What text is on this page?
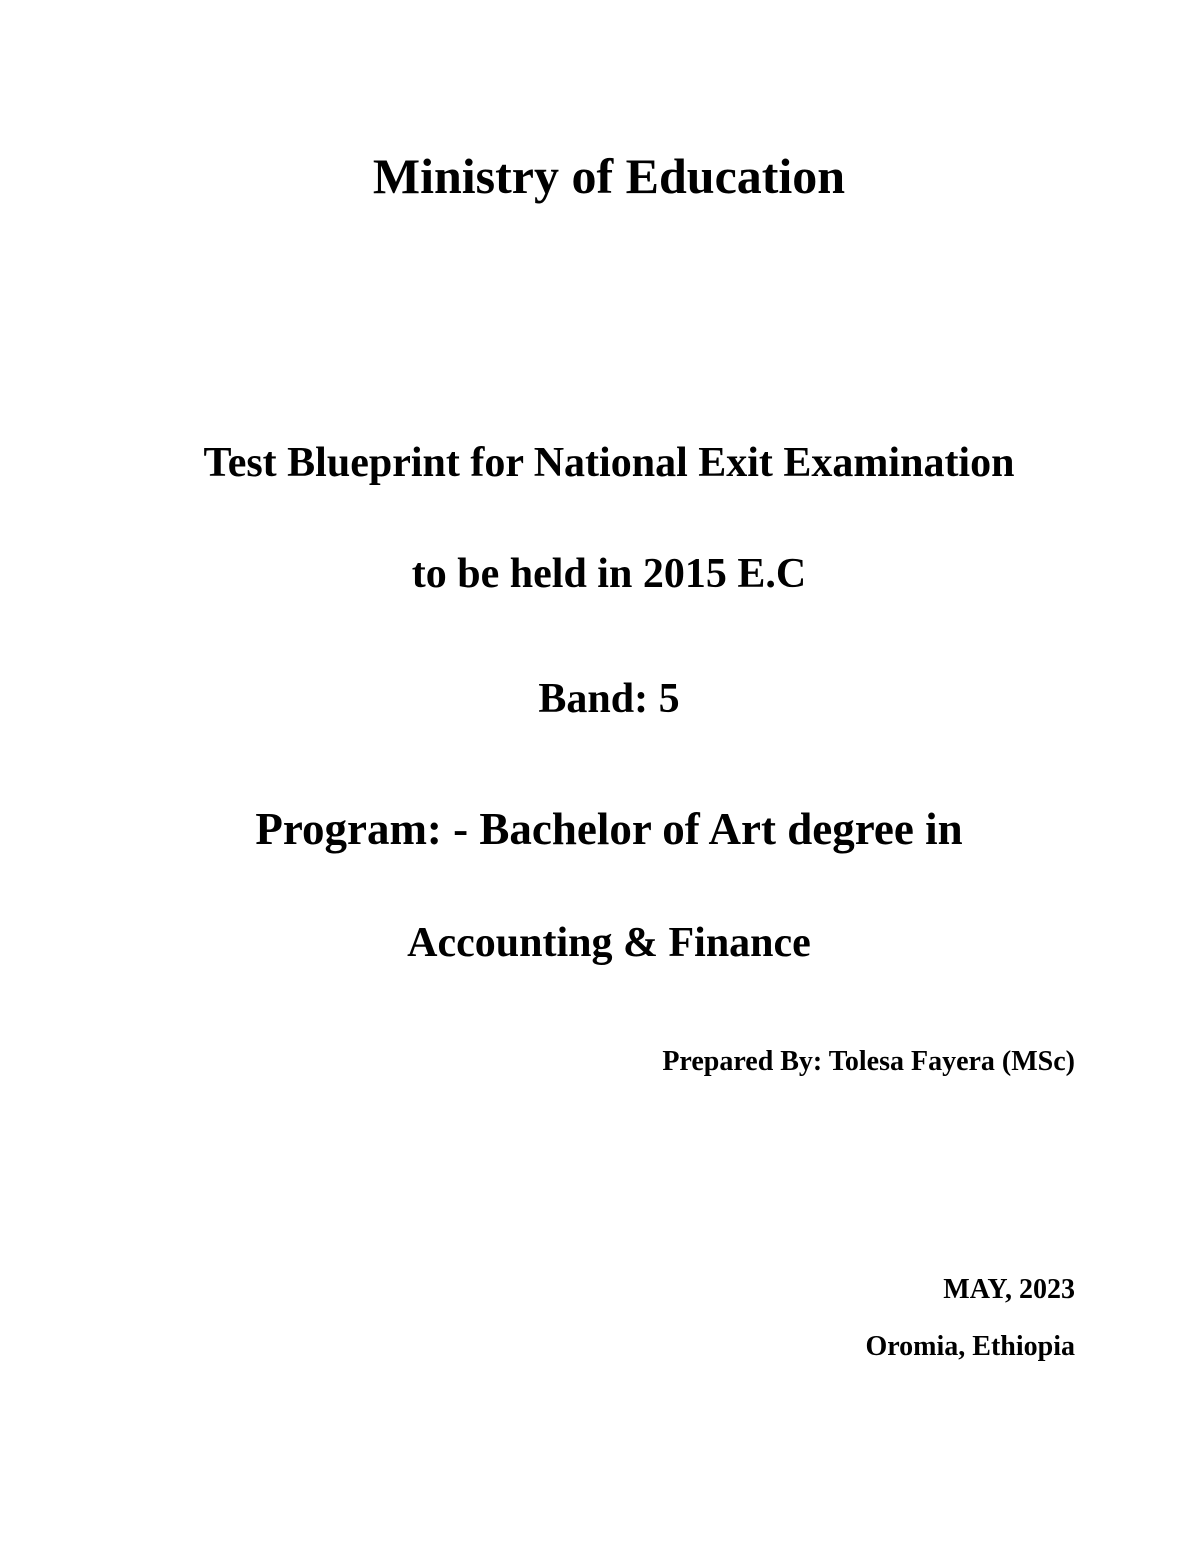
Ministry of Education
Test Blueprint for National Exit Examination
to be held in 2015 E.C
Band: 5
Program: - Bachelor of Art degree in
Accounting & Finance
Prepared By: Tolesa Fayera (MSc)
MAY, 2023
Oromia, Ethiopia
